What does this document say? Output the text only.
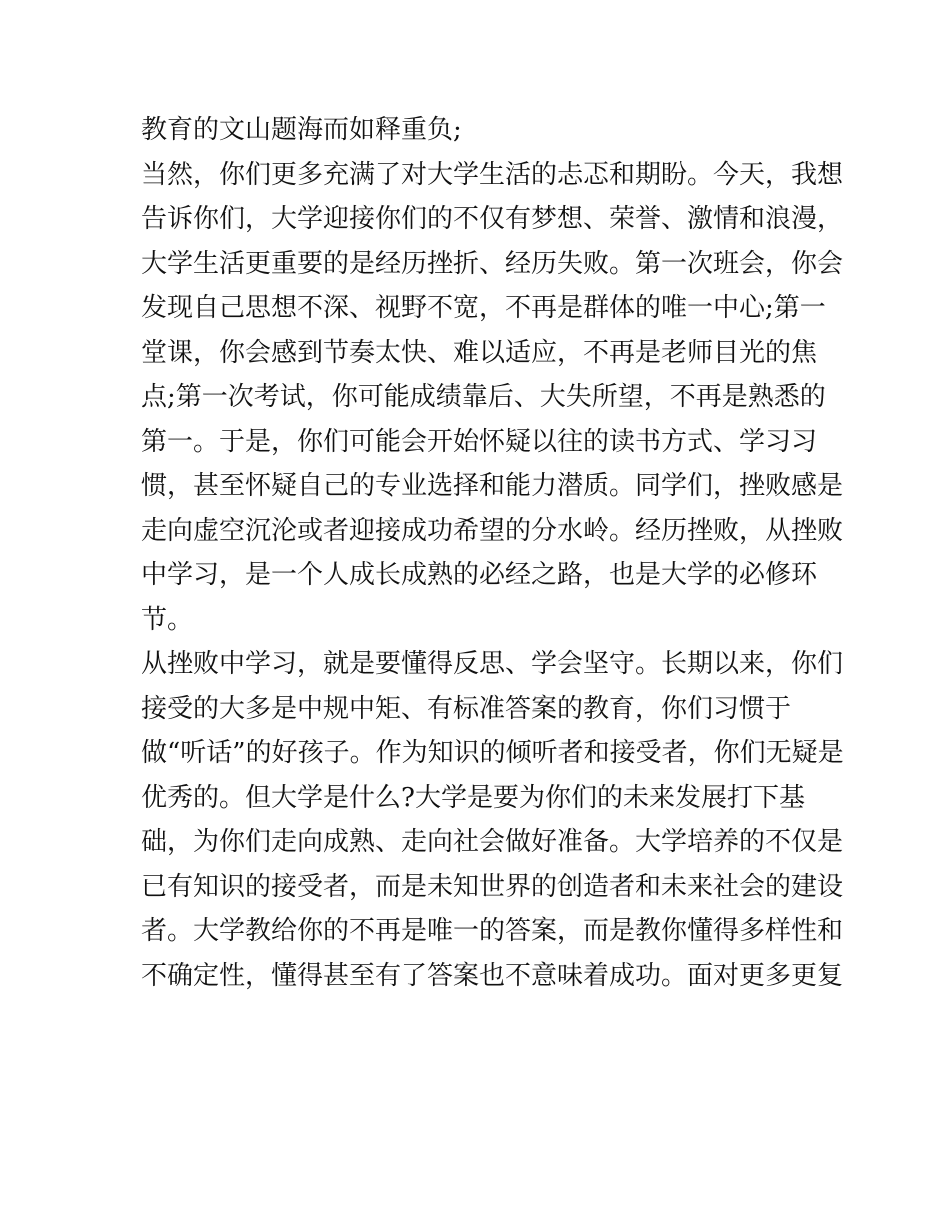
教育的文山题海而如释重负;
当然，你们更多充满了对大学生活的忐忑和期盼。今天，我想
告诉你们，大学迎接你们的不仅有梦想、荣誉、激情和浪漫，
大学生活更重要的是经历挫折、经历失败。第一次班会，你会
发现自己思想不深、视野不宽，不再是群体的唯一中心;第一
堂课，你会感到节奏太快、难以适应，不再是老师目光的焦
点;第一次考试，你可能成绩靠后、大失所望，不再是熟悉的
第一。于是，你们可能会开始怀疑以往的读书方式、学习习
惯，甚至怀疑自己的专业选择和能力潜质。同学们，挫败感是
走向虚空沉沦或者迎接成功希望的分水岭。经历挫败，从挫败
中学习，是一个人成长成熟的必经之路，也是大学的必修环
节。
从挫败中学习，就是要懂得反思、学会坚守。长期以来，你们
接受的大多是中规中矩、有标准答案的教育，你们习惯于
做“听话”的好孩子。作为知识的倾听者和接受者，你们无疑是
优秀的。但大学是什么?大学是要为你们的未来发展打下基
础，为你们走向成熟、走向社会做好准备。大学培养的不仅是
已有知识的接受者，而是未知世界的创造者和未来社会的建设
者。大学教给你的不再是唯一的答案，而是教你懂得多样性和
不确定性，懂得甚至有了答案也不意味着成功。面对更多更复
